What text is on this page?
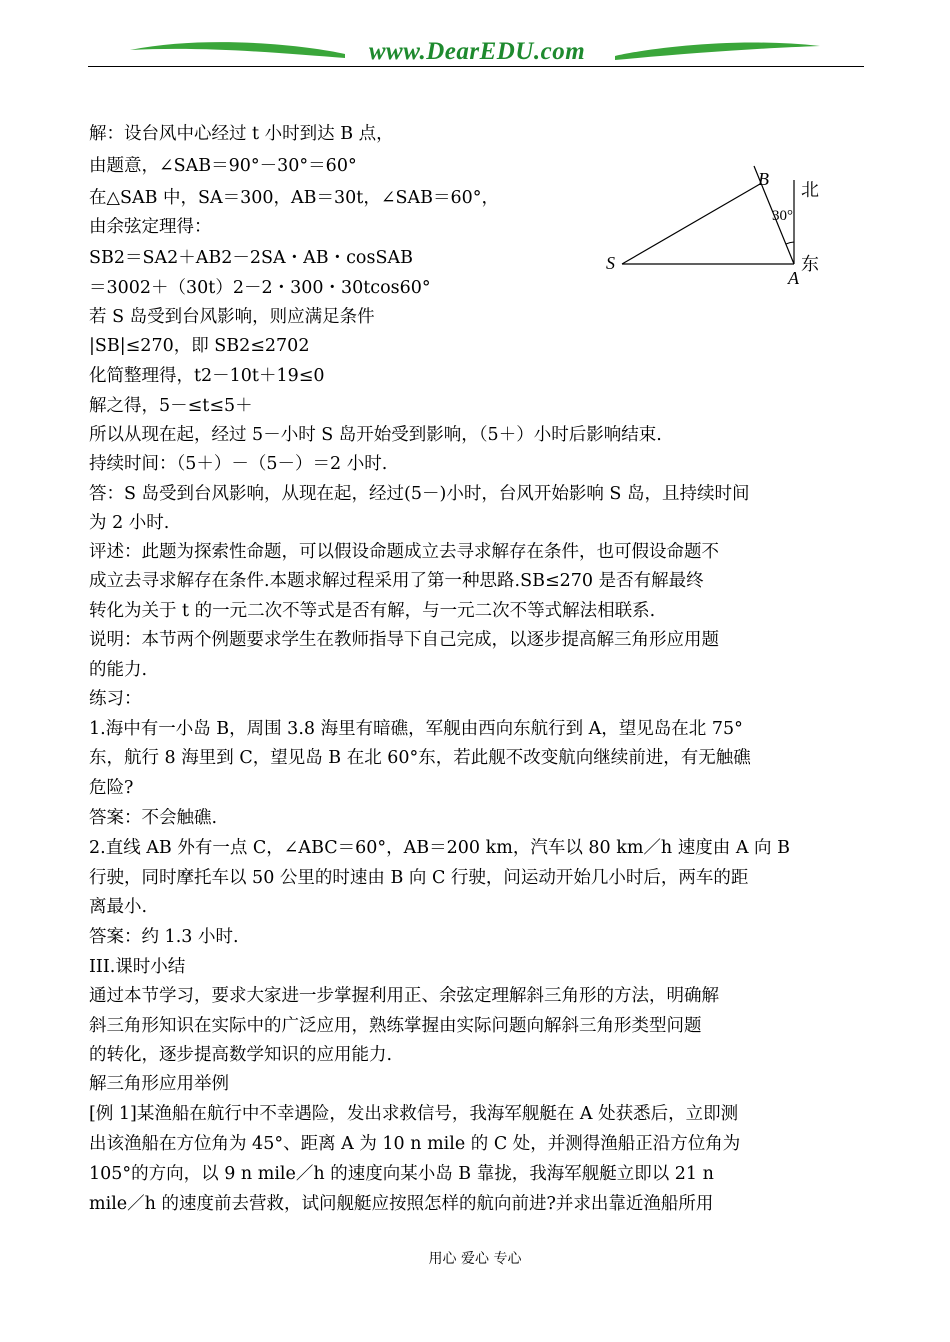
www.DearEDU.com
解：设台风中心经过 t 小时到达 B 点，
由题意，∠SAB＝90°－30°＝60°
在△SAB 中，SA＝300，AB＝30t，∠SAB＝60°，
由余弦定理得：
SB2＝SA2＋AB2－2SA・AB・cosSAB
＝3002＋（30t）2－2・300・30tcos60°
若 S 岛受到台风影响，则应满足条件
|SB|≤270，即 SB2≤2702
化简整理得，t2－10t＋19≤0
解之得，5－≤t≤5＋
所以从现在起，经过 5－小时 S 岛开始受到影响，（5＋）小时后影响结束.
持续时间：（5＋）－（5－）＝2 小时.
答：S 岛受到台风影响，从现在起，经过(5－)小时，台风开始影响 S 岛，且持续时间
为 2 小时.
评述：此题为探索性命题，可以假设命题成立去寻求解存在条件，也可假设命题不
成立去寻求解存在条件.本题求解过程采用了第一种思路.SB≤270 是否有解最终
转化为关于 t 的一元二次不等式是否有解，与一元二次不等式解法相联系.
说明：本节两个例题要求学生在教师指导下自己完成，以逐步提高解三角形应用题
的能力.
练习：
1.海中有一小岛 B，周围 3.8 海里有暗礁，军舰由西向东航行到 A，望见岛在北 75°
东，航行 8 海里到 C，望见岛 B 在北 60°东，若此舰不改变航向继续前进，有无触礁
危险?
答案：不会触礁.
2.直线 AB 外有一点 C，∠ABC＝60°，AB＝200 km，汽车以 80 km／h 速度由 A 向 B
行驶，同时摩托车以 50 公里的时速由 B 向 C 行驶，问运动开始几小时后，两车的距
离最小.
答案：约 1.3 小时.
III.课时小结
通过本节学习，要求大家进一步掌握利用正、余弦定理解斜三角形的方法，明确解
斜三角形知识在实际中的广泛应用，熟练掌握由实际问题向解斜三角形类型问题
的转化，逐步提高数学知识的应用能力.
解三角形应用举例
[例 1]某渔船在航行中不幸遇险，发出求救信号，我海军舰艇在 A 处获悉后，立即测
出该渔船在方位角为 45°、距离 A 为 10 n mile 的 C 处，并测得渔船正沿方位角为
105°的方向，以 9 n mile／h 的速度向某小岛 B 靠拢，我海军舰艇立即以 21 n
mile／h 的速度前去营救，试问舰艇应按照怎样的航向前进?并求出靠近渔船所用
S
A
B
30°
北
东
用心 爱心 专心
